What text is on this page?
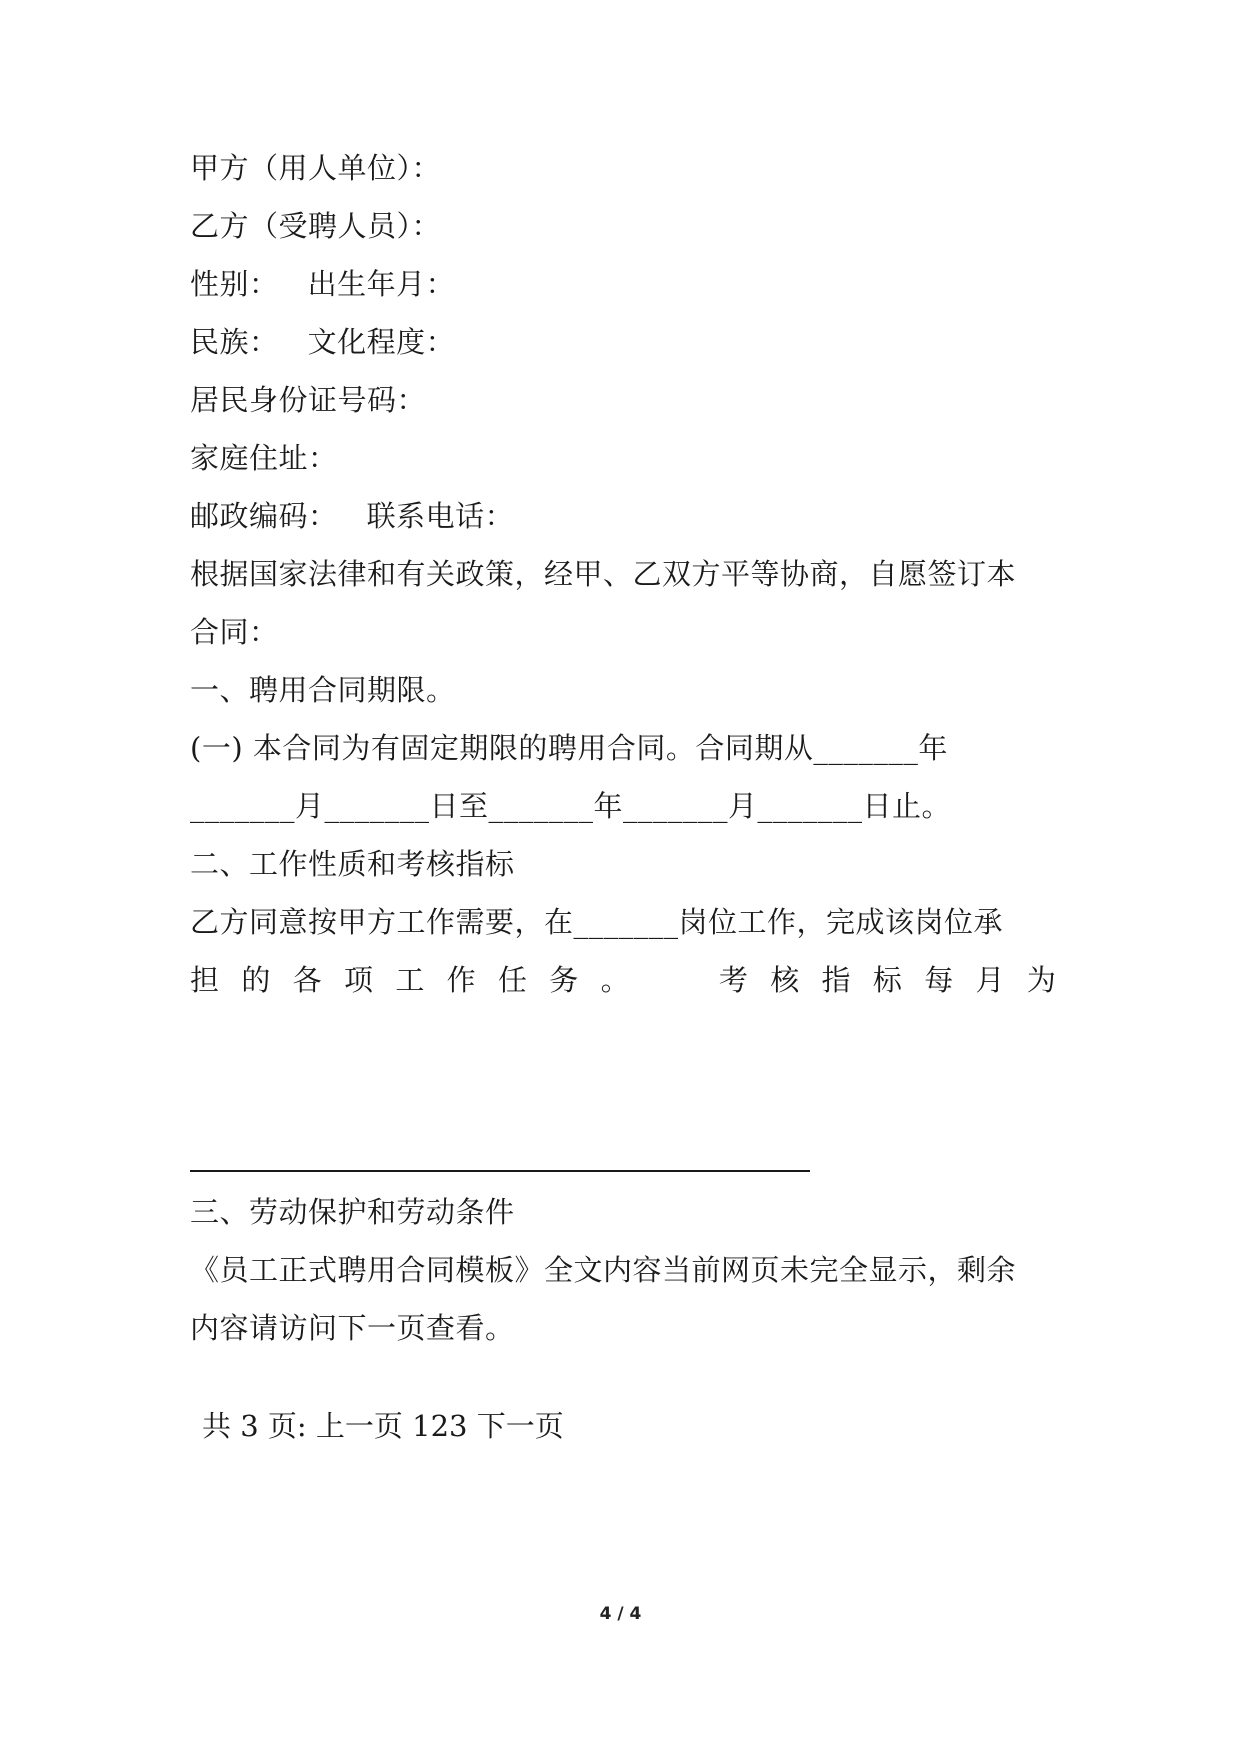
甲方（用人单位）：
乙方（受聘人员）：
性别：   出生年月：
民族：   文化程度：
居民身份证号码：
家庭住址：
邮政编码：   联系电话：
根据国家法律和有关政策，经甲、乙双方平等协商，自愿签订本
合同：
一、聘用合同期限。
(一) 本合同为有固定期限的聘用合同。合同期从_______年
_______月_______日至_______年_______月_______日止。
二、工作性质和考核指标
乙方同意按甲方工作需要，在_______岗位工作，完成该岗位承
担 的 各 项 工 作 任 务 。	考 核 指 标 每 月 为
三、劳动保护和劳动条件
《员工正式聘用合同模板》全文内容当前网页未完全显示，剩余
内容请访问下一页查看。
共 3 页: 上一页 123 下一页
4 / 4
